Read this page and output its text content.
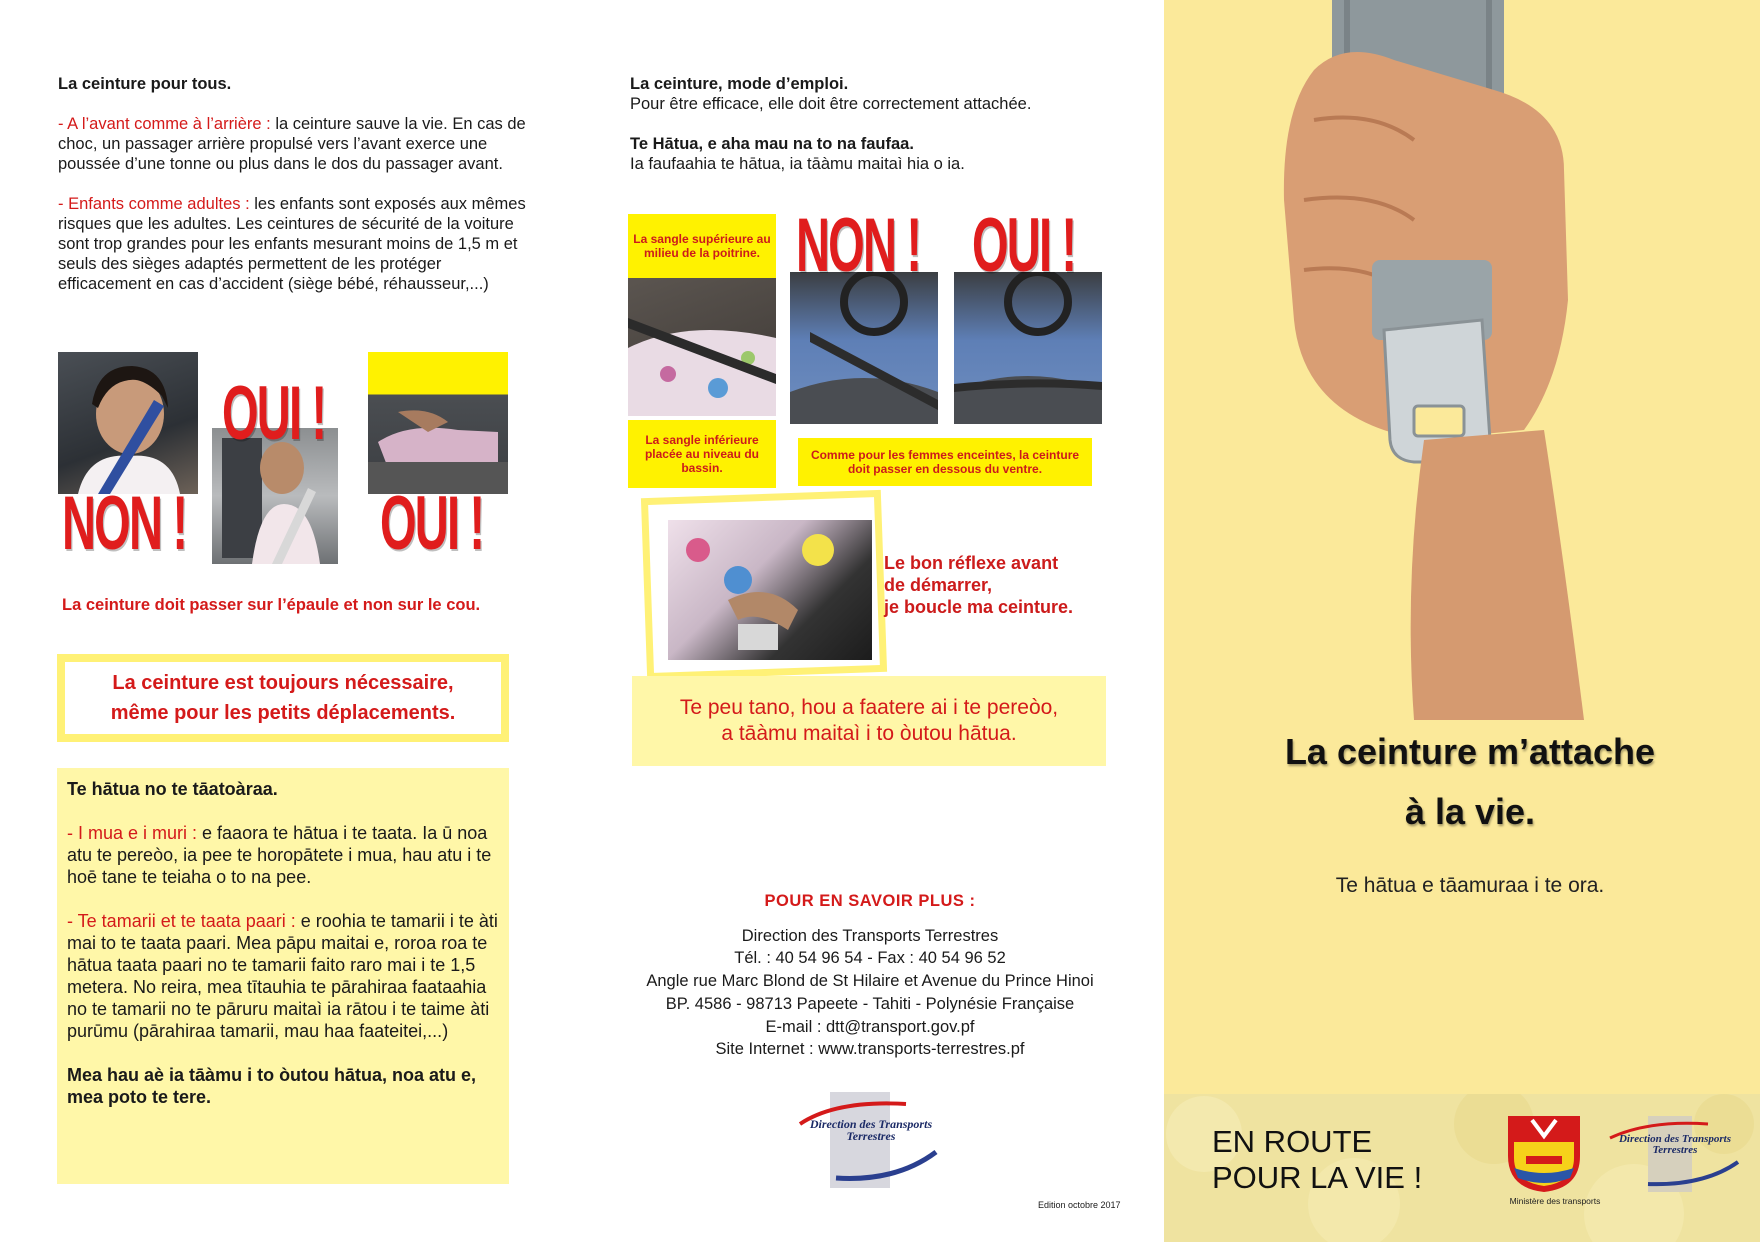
La ceinture pour tous.

- A l’avant comme à l’arrière : la ceinture sauve la vie. En cas de choc, un passager arrière propulsé vers l’avant exerce une poussée d’une tonne ou plus dans le dos du passager avant.

- Enfants comme adultes : les enfants sont exposés aux mêmes risques que les adultes. Les ceintures de sécurité de la voiture sont trop grandes pour les enfants mesurant moins de 1,5 m et seuls des sièges adaptés permettent de les protéger efficacement en cas d’accident (siège bébé, réhausseur,...)

OUI !
NON !	OUI !
La ceinture doit passer sur l’épaule et non sur le cou.
La ceinture est toujours nécessaire,
même pour les petits déplacements.

Te hātua no te tāatoàraa.

- I mua e i muri : e faaora te hātua i te taata. Ia ū noa atu te pereòo, ia pee te horopātete i mua, hau atu i te hoē tane te teiaha o to na pee.

- Te tamarii et te taata paari : e roohia te tamarii i te àti mai to te taata paari. Mea pāpu maitai e, roroa roa te hātua taata paari no te tamarii faito raro mai i te 1,5 metera. No reira, mea tītauhia te pārahiraa faataahia no te tamarii no te pāruru maitaì ia rātou i te taime àti purūmu (pārahiraa tamarii, mau haa faateitei,...)

Mea hau aè ia tāàmu i to òutou hātua, noa atu e, mea poto te tere.

La ceinture, mode d’emploi.
Pour être efficace, elle doit être correctement attachée.
Te Hātua, e aha mau na to na faufaa.
Ia faufaahia te hātua, ia tāàmu maitaì hia o ia.
La sangle supérieure au milieu de la poitrine.
La sangle inférieure placée au niveau du bassin.
NON ! OUI !
Comme pour les femmes enceintes, la ceinture doit passer en dessous du ventre.
Le bon réflexe avant
de démarrer,
je boucle ma ceinture.
Te peu tano, hou a faatere ai i te pereòo,
a tāàmu maitaì i to òutou hātua.
POUR EN SAVOIR PLUS :
Direction des Transports Terrestres
Tél. : 40 54 96 54 - Fax : 40 54 96 52
Angle rue Marc Blond de St Hilaire et Avenue du Prince Hinoi
BP. 4586 - 98713 Papeete - Tahiti - Polynésie Française
E-mail : dtt@transport.gov.pf
Site Internet : www.transports-terrestres.pf
Direction des Transports Terrestres
Edition octobre 2017
La ceinture m’attache
à la vie.
Te hātua e tāamuraa i te ora.
EN ROUTE
POUR LA VIE !
Ministère des transports
Direction des Transports Terrestres
